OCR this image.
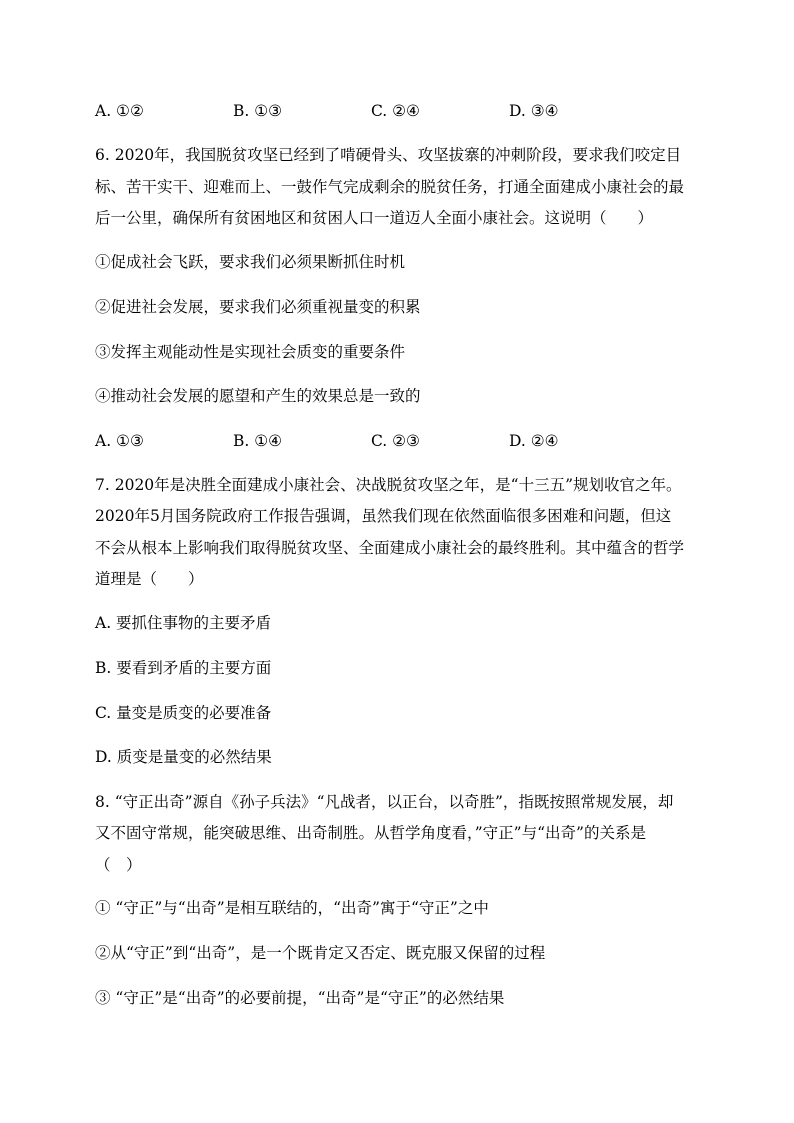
A. ①②	B. ①③	C. ②④	D. ③④
6. 2020年，我国脱贫攻坚已经到了啃硬骨头、攻坚拔寨的冲刺阶段，要求我们咬定目
标、苦干实干、迎难而上、一鼓作气完成剩余的脱贫任务，打通全面建成小康社会的最
后一公里，确保所有贫困地区和贫困人口一道迈人全面小康社会。这说明（　　）
①促成社会飞跃，要求我们必须果断抓住时机
②促进社会发展，要求我们必须重视量变的积累
③发挥主观能动性是实现社会质变的重要条件
④推动社会发展的愿望和产生的效果总是一致的
A. ①③	B. ①④	C. ②③	D. ②④
7. 2020年是决胜全面建成小康社会、决战脱贫攻坚之年，是“十三五”规划收官之年。
2020年5月国务院政府工作报告强调，虽然我们现在依然面临很多困难和问题，但这
不会从根本上影响我们取得脱贫攻坚、全面建成小康社会的最终胜利。其中蕴含的哲学
道理是（　　）
A. 要抓住事物的主要矛盾
B. 要看到矛盾的主要方面
C. 量变是质变的必要准备
D. 质变是量变的必然结果
8. “守正出奇”源自《孙子兵法》“凡战者，以正台，以奇胜”，指既按照常规发展，却
又不固守常规，能突破思维、出奇制胜。从哲学角度看，”守正”与“出奇”的关系是
（　）
① “守正”与“出奇”是相互联结的，“出奇”寓于“守正”之中
②从“守正”到“出奇”，是一个既肯定又否定、既克服又保留的过程
③ “守正”是“出奇”的必要前提，“出奇”是“守正”的必然结果
